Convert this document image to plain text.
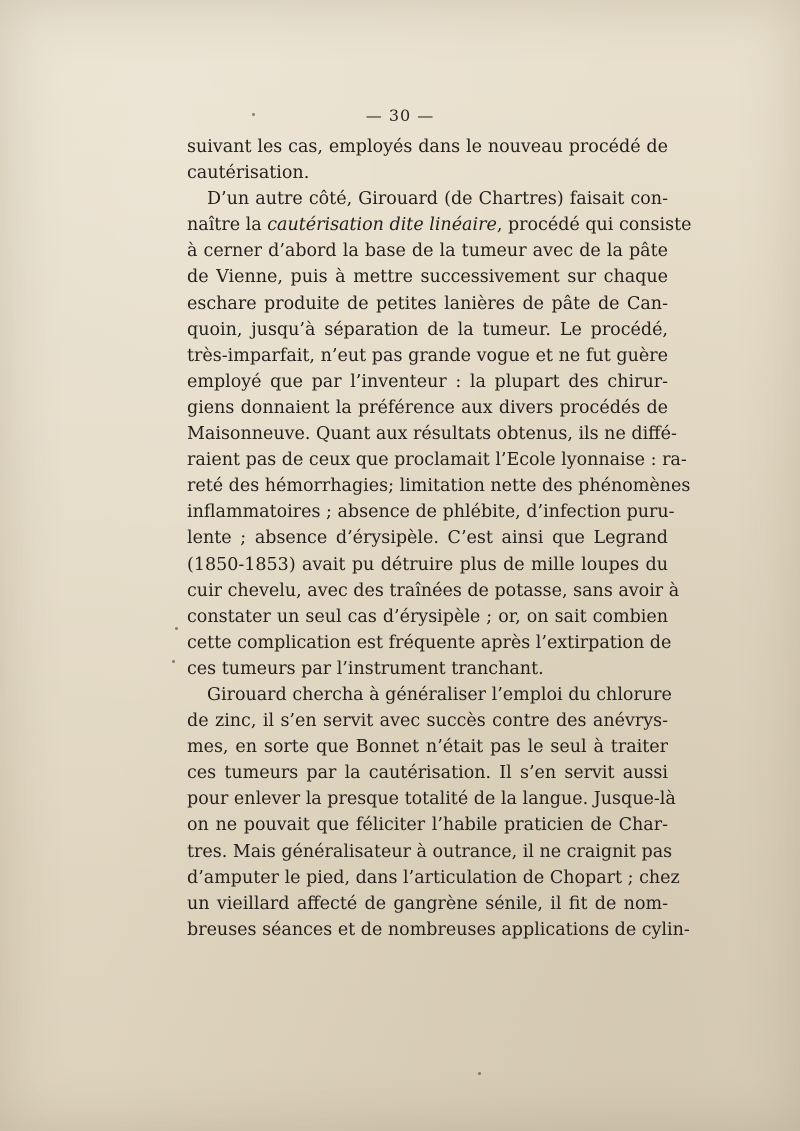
— 30 —
suivant les cas, employés dans le nouveau procédé de
cautérisation.
D’un autre côté, Girouard (de Chartres) faisait con-
naître la cautérisation dite linéaire, procédé qui consiste
à cerner d’abord la base de la tumeur avec de la pâte
de Vienne, puis à mettre successivement sur chaque
eschare produite de petites lanières de pâte de Can-
quoin, jusqu’à séparation de la tumeur. Le procédé,
très-imparfait, n’eut pas grande vogue et ne fut guère
employé que par l’inventeur : la plupart des chirur-
giens donnaient la préférence aux divers procédés de
Maisonneuve. Quant aux résultats obtenus, ils ne diffé-
raient pas de ceux que proclamait l’Ecole lyonnaise : ra-
reté des hémorrhagies; limitation nette des phénomènes
inflammatoires ; absence de phlébite, d’infection puru-
lente ; absence d’érysipèle. C’est ainsi que Legrand
(1850-1853) avait pu détruire plus de mille loupes du
cuir chevelu, avec des traînées de potasse, sans avoir à
constater un seul cas d’érysipèle ; or, on sait combien
cette complication est fréquente après l’extirpation de
ces tumeurs par l’instrument tranchant.
Girouard chercha à généraliser l’emploi du chlorure
de zinc, il s’en servit avec succès contre des anévrys-
mes, en sorte que Bonnet n’était pas le seul à traiter
ces tumeurs par la cautérisation. Il s’en servit aussi
pour enlever la presque totalité de la langue. Jusque-là
on ne pouvait que féliciter l’habile praticien de Char-
tres. Mais généralisateur à outrance, il ne craignit pas
d’amputer le pied, dans l’articulation de Chopart ; chez
un vieillard affecté de gangrène sénile, il fit de nom-
breuses séances et de nombreuses applications de cylin-
